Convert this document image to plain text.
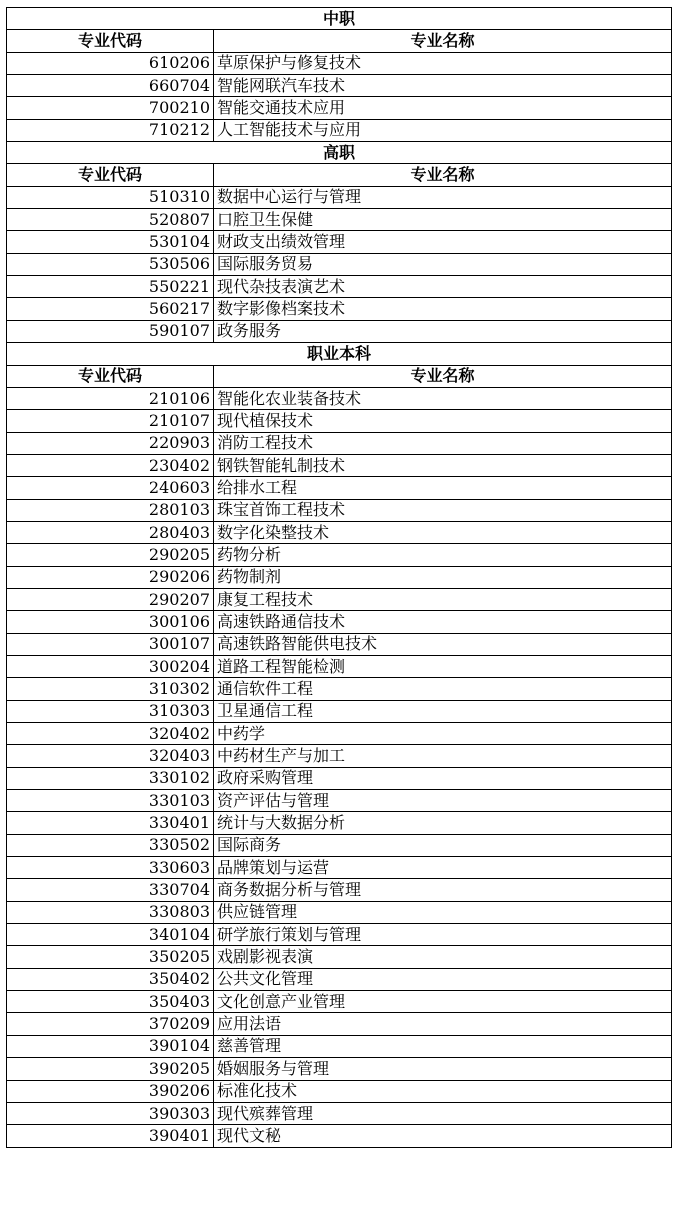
中职	
专业代码	专业名称
610206	草原保护与修复技术
660704	智能网联汽车技术
700210	智能交通技术应用
710212	人工智能技术与应用
高职	
专业代码	专业名称
510310	数据中心运行与管理
520807	口腔卫生保健
530104	财政支出绩效管理
530506	国际服务贸易
550221	现代杂技表演艺术
560217	数字影像档案技术
590107	政务服务
职业本科	
专业代码	专业名称
210106	智能化农业装备技术
210107	现代植保技术
220903	消防工程技术
230402	钢铁智能轧制技术
240603	给排水工程
280103	珠宝首饰工程技术
280403	数字化染整技术
290205	药物分析
290206	药物制剂
290207	康复工程技术
300106	高速铁路通信技术
300107	高速铁路智能供电技术
300204	道路工程智能检测
310302	通信软件工程
310303	卫星通信工程
320402	中药学
320403	中药材生产与加工
330102	政府采购管理
330103	资产评估与管理
330401	统计与大数据分析
330502	国际商务
330603	品牌策划与运营
330704	商务数据分析与管理
330803	供应链管理
340104	研学旅行策划与管理
350205	戏剧影视表演
350402	公共文化管理
350403	文化创意产业管理
370209	应用法语
390104	慈善管理
390205	婚姻服务与管理
390206	标准化技术
390303	现代殡葬管理
390401	现代文秘
